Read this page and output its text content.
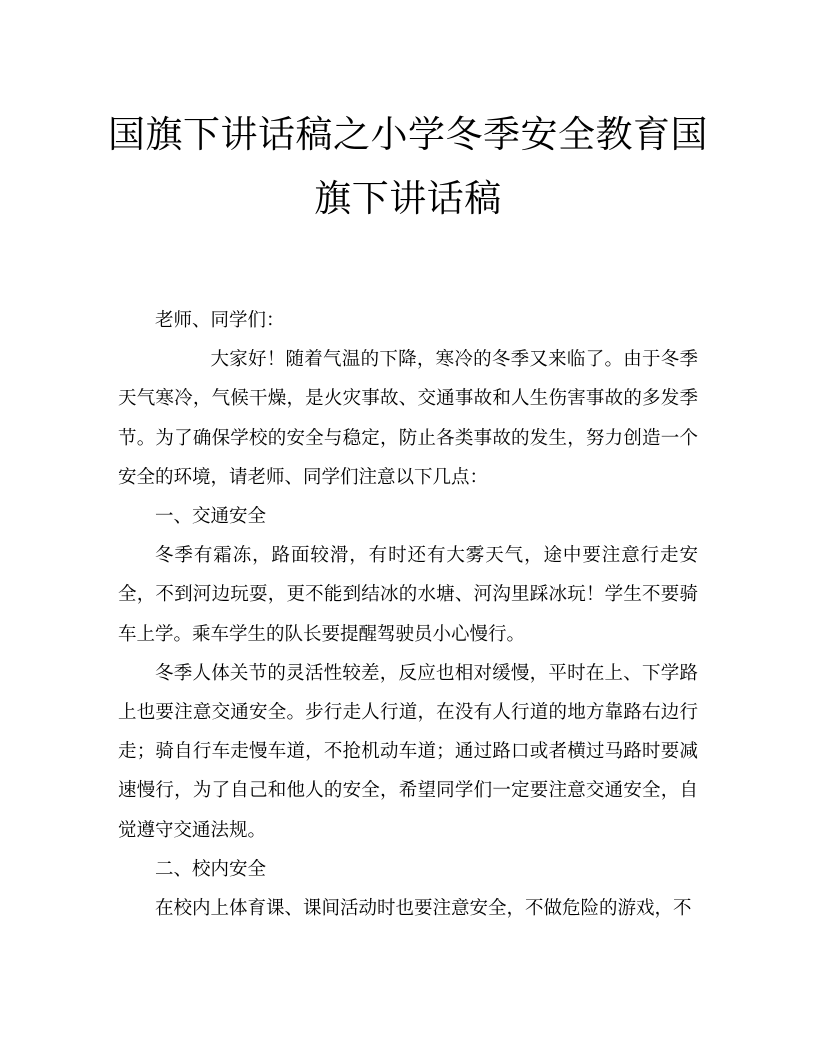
国旗下讲话稿之小学冬季安全教育国
旗下讲话稿

老师、同学们：

大家好！随着气温的下降，寒冷的冬季又来临了。由于冬季天气寒冷，气候干燥，是火灾事故、交通事故和人生伤害事故的多发季节。为了确保学校的安全与稳定，防止各类事故的发生，努力创造一个安全的环境，请老师、同学们注意以下几点：

一、交通安全

冬季有霜冻，路面较滑，有时还有大雾天气，途中要注意行走安全，不到河边玩耍，更不能到结冰的水塘、河沟里踩冰玩！学生不要骑车上学。乘车学生的队长要提醒驾驶员小心慢行。

冬季人体关节的灵活性较差，反应也相对缓慢，平时在上、下学路上也要注意交通安全。步行走人行道，在没有人行道的地方靠路右边行走；骑自行车走慢车道，不抢机动车道；通过路口或者横过马路时要减速慢行，为了自己和他人的安全，希望同学们一定要注意交通安全，自觉遵守交通法规。

二、校内安全

在校内上体育课、课间活动时也要注意安全，不做危险的游戏，不
